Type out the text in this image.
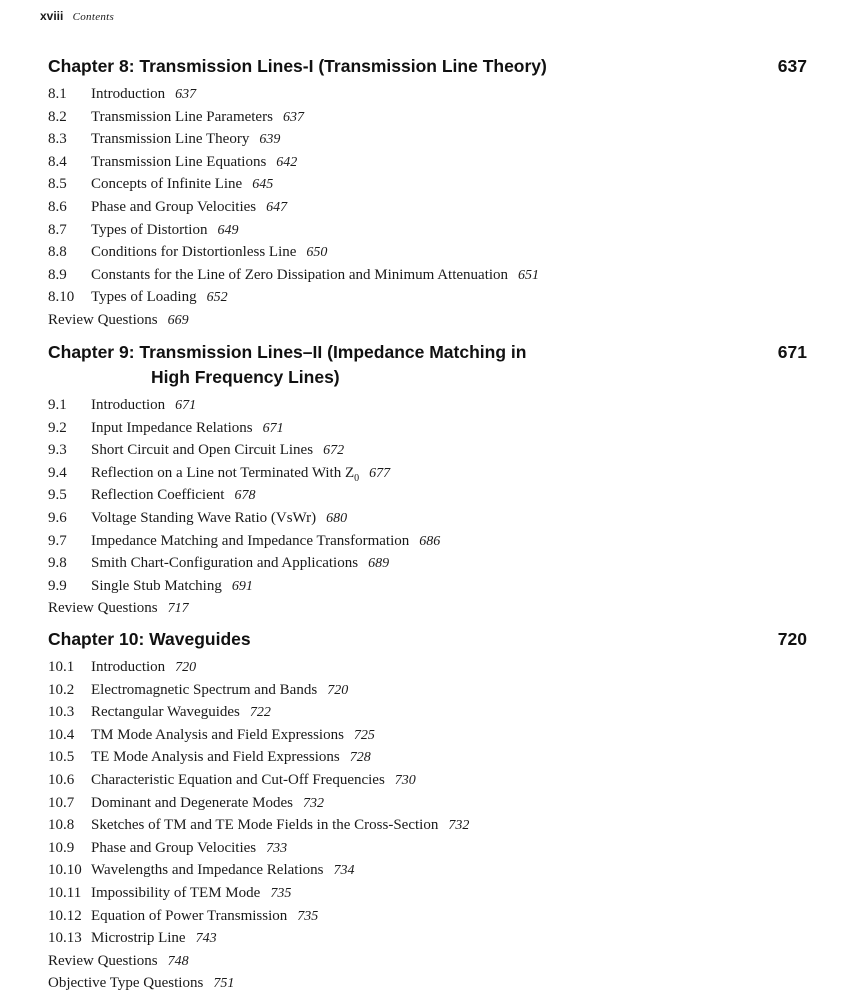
xviii Contents
Chapter 8: Transmission Lines-I (Transmission Line Theory)	637
8.1 Introduction 637
8.2 Transmission Line Parameters 637
8.3 Transmission Line Theory 639
8.4 Transmission Line Equations 642
8.5 Concepts of Infinite Line 645
8.6 Phase and Group Velocities 647
8.7 Types of Distortion 649
8.8 Conditions for Distortionless Line 650
8.9 Constants for the Line of Zero Dissipation and Minimum Attenuation 651
8.10 Types of Loading 652
Review Questions 669
Chapter 9: Transmission Lines–II (Impedance Matching in
High Frequency Lines)
671
9.1 Introduction 671
9.2 Input Impedance Relations 671
9.3 Short Circuit and Open Circuit Lines 672
9.4 Reflection on a Line not Terminated With $Z_0$ 677
9.5 Reflection Coefficient 678
9.6 Voltage Standing Wave Ratio (VsWr) 680
9.7 Impedance Matching and Impedance Transformation 686
9.8 Smith Chart-Configuration and Applications 689
9.9 Single Stub Matching 691
Review Questions 717
Chapter 10: Waveguides	720
10.1 Introduction 720
10.2 Electromagnetic Spectrum and Bands 720
10.3 Rectangular Waveguides 722
10.4 TM Mode Analysis and Field Expressions 725
10.5 TE Mode Analysis and Field Expressions 728
10.6 Characteristic Equation and Cut-Off Frequencies 730
10.7 Dominant and Degenerate Modes 732
10.8 Sketches of TM and TE Mode Fields in the Cross-Section 732
10.9 Phase and Group Velocities 733
10.10 Wavelengths and Impedance Relations 734
10.11 Impossibility of TEM Mode 735
10.12 Equation of Power Transmission 735
10.13 Microstrip Line 743
Review Questions 748
Objective Type Questions 751
